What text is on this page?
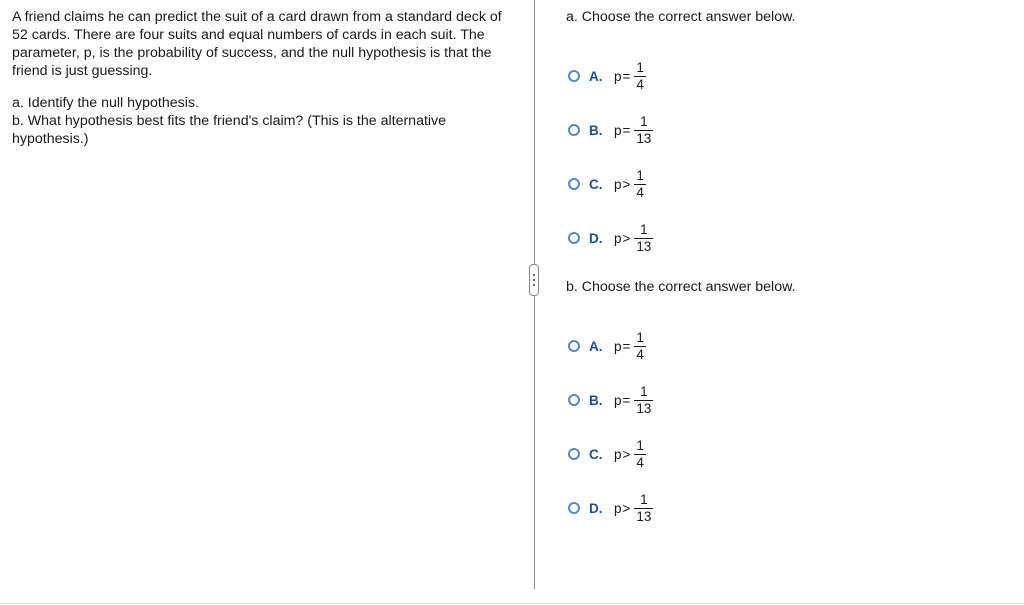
A friend claims he can predict the suit of a card drawn from a standard deck of 52 cards. There are four suits and equal numbers of cards in each suit. The parameter, p, is the probability of success, and the null hypothesis is that the friend is just guessing.

a. Identify the null hypothesis.

b. What hypothesis best fits the friend's claim? (This is the alternative hypothesis.)

a. Choose the correct answer below.

A. $p = \frac{1}{4}$
B. $p = \frac{1}{13}$
C. $p > \frac{1}{4}$
D. $p > \frac{1}{13}$

b. Choose the correct answer below.

A. $p = \frac{1}{4}$
B. $p = \frac{1}{13}$
C. $p > \frac{1}{4}$
D. $p > \frac{1}{13}$
